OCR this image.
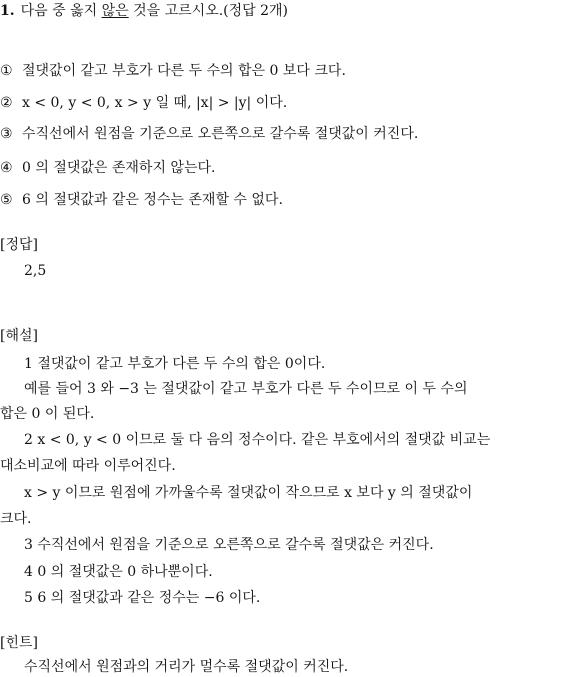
1. 다음 중 옳지 않은 것을 고르시오.(정답 2개)
① 절댓값이 같고 부호가 다른 두 수의 합은 0 보다 크다.
② x < 0, y < 0, x > y 일 때, |x| > |y| 이다.
③ 수직선에서 원점을 기준으로 오른쪽으로 갈수록 절댓값이 커진다.
④ 0 의 절댓값은 존재하지 않는다.
⑤ 6 의 절댓값과 같은 정수는 존재할 수 없다.
[정답]
2,5
[해설]
1 절댓값이 같고 부호가 다른 두 수의 합은 0이다.
예를 들어 3 와 −3 는 절댓값이 같고 부호가 다른 두 수이므로 이 두 수의
합은 0 이 된다.
2 x < 0, y < 0 이므로 둘 다 음의 정수이다. 같은 부호에서의 절댓값 비교는
대소비교에 따라 이루어진다.
x > y 이므로 원점에 가까울수록 절댓값이 작으므로 x 보다 y 의 절댓값이
크다.
3 수직선에서 원점을 기준으로 오른쪽으로 갈수록 절댓값은 커진다.
4 0 의 절댓값은 0 하나뿐이다.
5 6 의 절댓값과 같은 정수는 −6 이다.
[힌트]
수직선에서 원점과의 거리가 멀수록 절댓값이 커진다.
